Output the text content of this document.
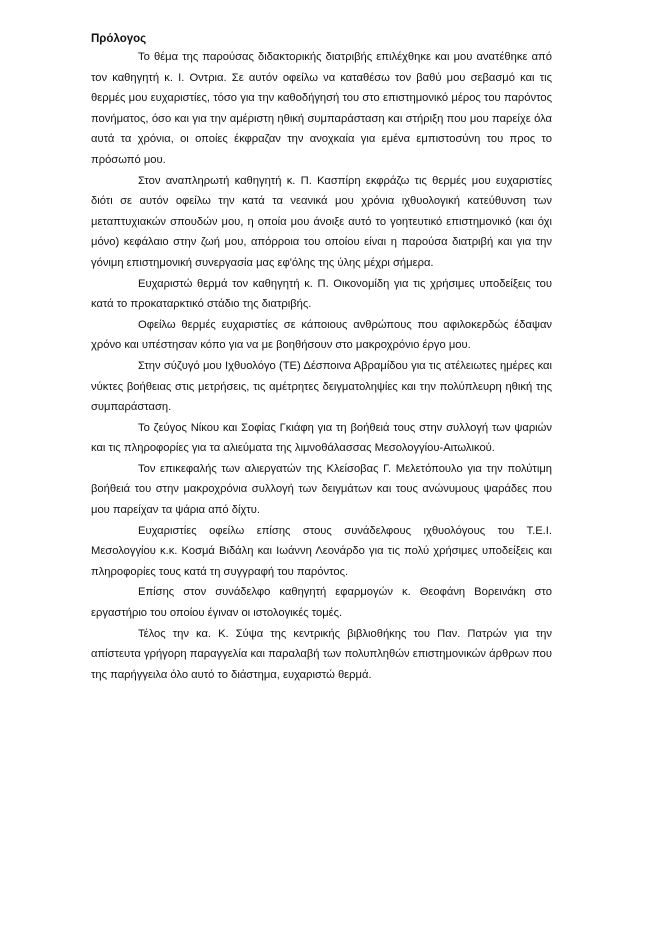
Πρόλογος

Το θέμα της παρούσας διδακτορικής διατριβής επιλέχθηκε και μου ανατέθηκε από τον καθηγητή κ. Ι. Οντρια. Σε αυτόν οφείλω να καταθέσω τον βαθύ μου σεβασμό και τις θερμές μου ευχαριστίες, τόσο για την καθοδήγησή του στο επιστημονικό μέρος του παρόντος πονήματος, όσο και για την αμέριστη ηθική συμπαράσταση και στήριξη που μου παρείχε όλα αυτά τα χρόνια, οι οποίες έκφραζαν την ανοχκαία για εμένα εμπιστοσύνη του προς το πρόσωπό μου.

Στον αναπληρωτή καθηγητή κ. Π. Κασπίρη εκφράζω τις θερμές μου ευχαριστίες διότι σε αυτόν οφείλω την κατά τα νεανικά μου χρόνια ιχθυολογική κατεύθυνση των μεταπτυχιακών σπουδών μου, η οποία μου άνοιξε αυτό το γοητευτικό επιστημονικό (και όχι μόνο) κεφάλαιο στην ζωή μου, απόρροια του οποίου είναι η παρούσα διατριβή και για την γόνιμη επιστημονική συνεργασία μας εφ'όλης της ύλης μέχρι σήμερα.

Ευχαριστώ θερμά τον καθηγητή κ. Π. Οικονομίδη για τις χρήσιμες υποδείξεις του κατά το προκαταρκτικό στάδιο της διατριβής.

Οφείλω θερμές ευχαριστίες σε κάποιους ανθρώπους που αφιλοκερδώς έδαψαν χρόνο και υπέστησαν κόπο για να με βοηθήσουν στο μακροχρόνιο έργο μου.

Στην σύζυγό μου Ιχθυολόγο (ΤΕ) Δέσποινα Αβραμίδου για τις ατέλειωτες ημέρες και νύκτες βοήθειας στις μετρήσεις, τις αμέτρητες δειγματοληψίες και την πολύπλευρη ηθική της συμπαράσταση.

Το ζεύγος Νίκου και Σοφίας Γκιάφη για τη βοήθειά τους στην συλλογή των ψαριών και τις πληροφορίες για τα αλιεύματα της λιμνοθάλασσας Μεσολογγίου-Αιτωλικού.

Τον επικεφαλής των αλιεργατών της Κλείσοβας Γ. Μελετόπουλο για την πολύτιμη βοήθειά του στην μακροχρόνια συλλογή των δειγμάτων και τους ανώνυμους ψαράδες που μου παρείχαν τα ψάρια από δίχτυ.

Ευχαριστίες οφείλω επίσης στους συνάδελφους ιχθυολόγους του Τ.Ε.Ι. Μεσολογγίου κ.κ. Κοσμά Βιδάλη και Ιωάννη Λεονάρδο για τις πολύ χρήσιμες υποδείξεις και πληροφορίες τους κατά τη συγγραφή του παρόντος.

Επίσης στον συνάδελφο καθηγητή εφαρμογών κ. Θεοφάνη Βορεινάκη στο εργαστήριο του οποίου έγιναν οι ιστολογικές τομές.

Τέλος την κα. Κ. Σύψα της κεντρικής βιβλιοθήκης του Παν. Πατρών για την απίστευτα γρήγορη παραγγελία και παραλαβή των πολυπληθών επιστημονικών άρθρων που της παρήγγειλα όλο αυτό το διάστημα, ευχαριστώ θερμά.
